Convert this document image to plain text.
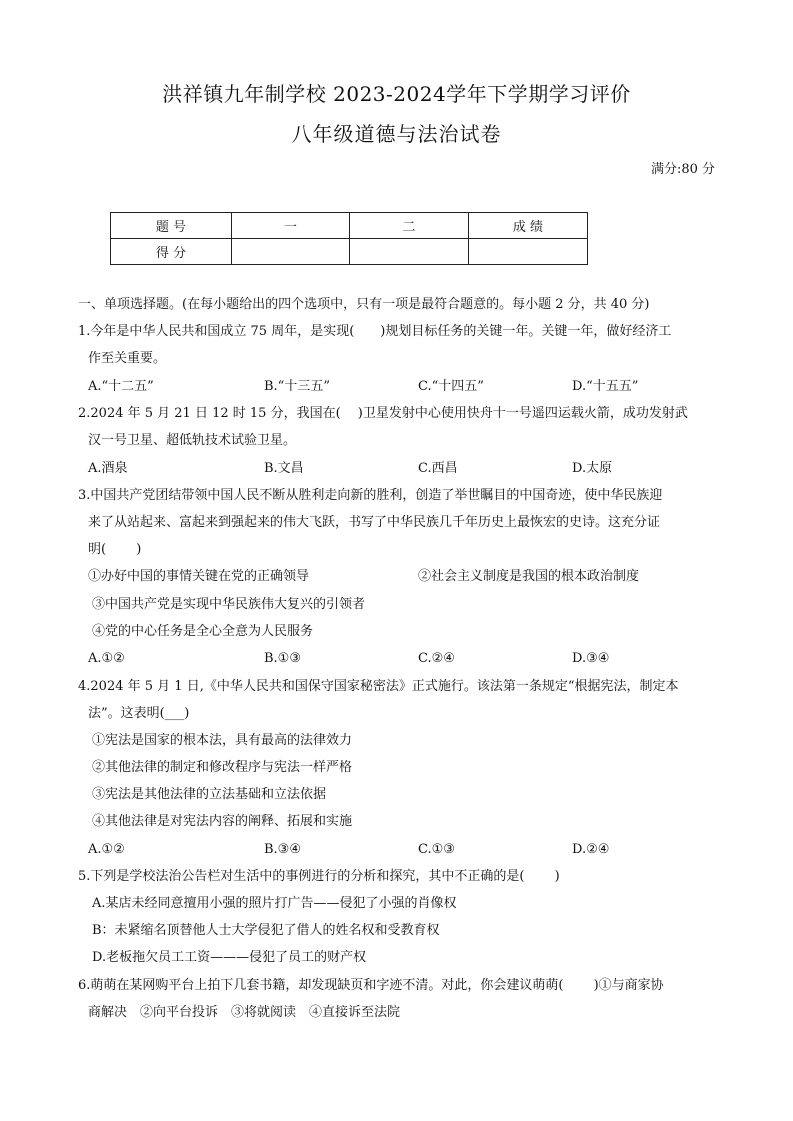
洪祥镇九年制学校 2023-2024学年下学期学习评价
八年级道德与法治试卷
满分:80 分
题 号	一	二	成 绩
得 分			
一、单项选择题。(在每小题给出的四个选项中，只有一项是最符合题意的。每小题 2 分，共 40 分)
1.今年是中华人民共和国成立 75 周年，是实现(　　)规划目标任务的关键一年。关键一年，做好经济工
作至关重要。
A.“十二五”	B.“十三五”	C.“十四五”	D.“十五五”
2.2024 年 5 月 21 日 12 时 15 分，我国在(　 )卫星发射中心使用快舟十一号遥四运载火箭，成功发射武
汉一号卫星、超低轨技术试验卫星。
A.酒泉	B.文昌	C.西昌	D.太原
3.中国共产党团结带领中国人民不断从胜利走向新的胜利，创造了举世瞩目的中国奇迹，使中华民族迎
来了从站起来、富起来到强起来的伟大飞跃，书写了中华民族几千年历史上最恢宏的史诗。这充分证
明(　　 )
①办好中国的事情关键在党的正确领导	②社会主义制度是我国的根本政治制度
③中国共产党是实现中华民族伟大复兴的引领者
④党的中心任务是全心全意为人民服务
A.①②	B.①③	C.②④	D.③④
4.2024 年 5 月 1 日,《中华人民共和国保守国家秘密法》正式施行。该法第一条规定“根据宪法，制定本
法”。这表明(___)
①宪法是国家的根本法，具有最高的法律效力
②其他法律的制定和修改程序与宪法一样严格
③宪法是其他法律的立法基础和立法依据
④其他法律是对宪法内容的阐释、拓展和实施
A.①②	B.③④	C.①③	D.②④
5.下列是学校法治公告栏对生活中的事例进行的分析和探究，其中不正确的是(　　 )
A.某店未经同意擅用小强的照片打广告——侵犯了小强的肖像权
B：未紧缩名顶替他人士大学侵犯了借人的姓名权和受教育权
D.老板拖欠员工工资———侵犯了员工的财产权
6.萌萌在某网购平台上拍下几套书籍，却发现缺页和字迹不清。对此，你会建议萌萌(　　 )①与商家协
商解决　②向平台投诉　③将就阅读　④直接诉至法院
